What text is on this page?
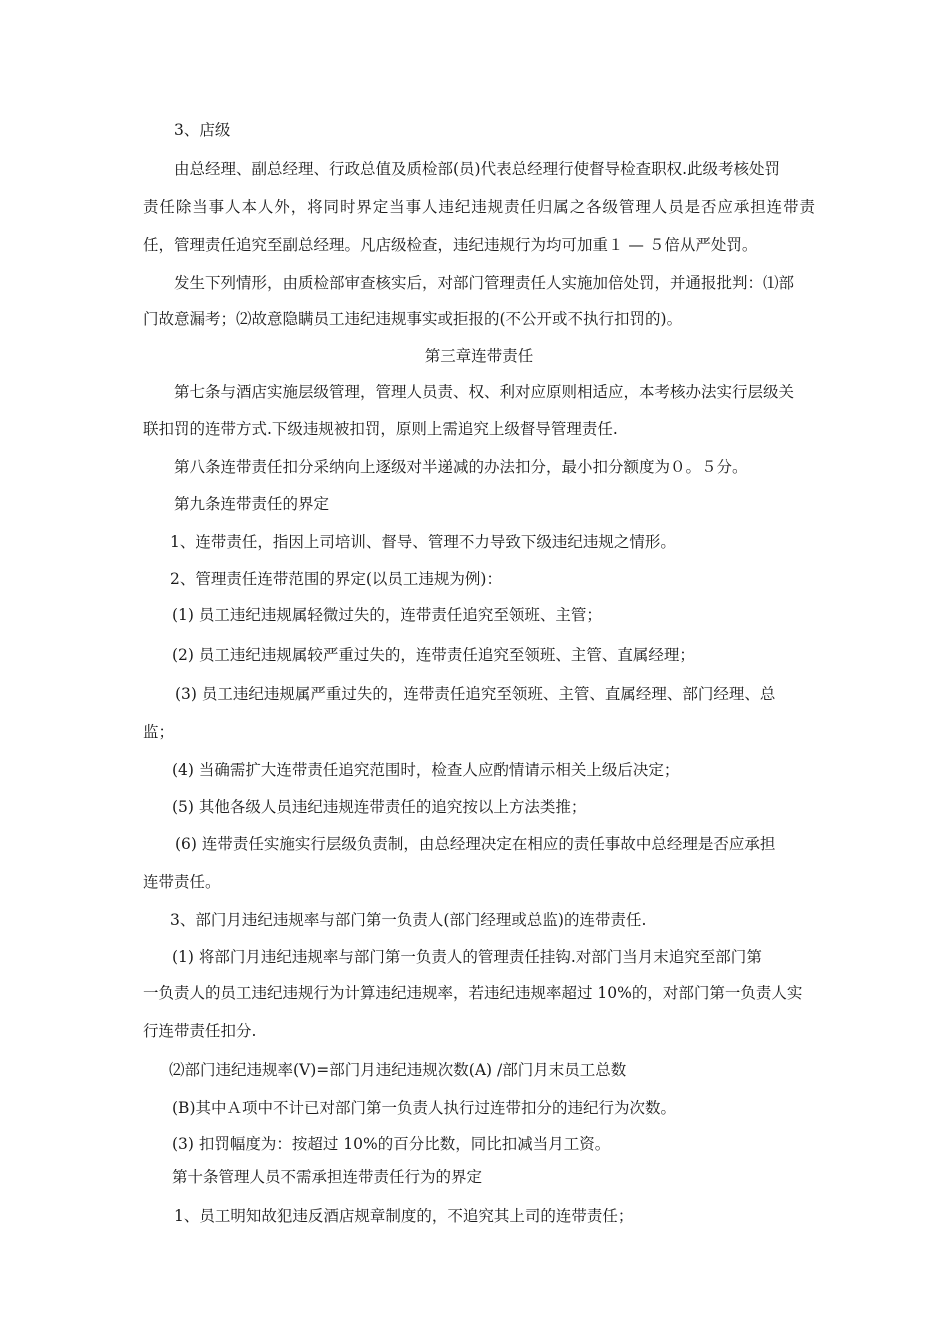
3、店级
由总经理、副总经理、行政总值及质检部(员)代表总经理行使督导检查职权.此级考核处罚
责任除当事人本人外，将同时界定当事人违纪违规责任归属之各级管理人员是否应承担连带责
任，管理责任追究至副总经理。凡店级检查，违纪违规行为均可加重１ — ５倍从严处罚。
发生下列情形，由质检部审查核实后，对部门管理责任人实施加倍处罚，并通报批判：⑴部
门故意漏考；⑵故意隐瞒员工违纪违规事实或拒报的(不公开或不执行扣罚的)。
第三章连带责任
第七条与酒店实施层级管理，管理人员责、权、利对应原则相适应，本考核办法实行层级关
联扣罚的连带方式.下级违规被扣罚，原则上需追究上级督导管理责任.
第八条连带责任扣分采纳向上逐级对半递减的办法扣分，最小扣分额度为０。５分。
第九条连带责任的界定
1、连带责任，指因上司培训、督导、管理不力导致下级违纪违规之情形。
2、管理责任连带范围的界定(以员工违规为例)：
(1) 员工违纪违规属轻微过失的，连带责任追究至领班、主管；
(2) 员工违纪违规属较严重过失的，连带责任追究至领班、主管、直属经理；
(3) 员工违纪违规属严重过失的，连带责任追究至领班、主管、直属经理、部门经理、总
监；
(4) 当确需扩大连带责任追究范围时，检查人应酌情请示相关上级后决定；
(5) 其他各级人员违纪违规连带责任的追究按以上方法类推；
(6) 连带责任实施实行层级负责制，由总经理决定在相应的责任事故中总经理是否应承担
连带责任。
3、部门月违纪违规率与部门第一负责人(部门经理或总监)的连带责任.
(1) 将部门月违纪违规率与部门第一负责人的管理责任挂钩.对部门当月末追究至部门第
一负责人的员工违纪违规行为计算违纪违规率，若违纪违规率超过 10%的，对部门第一负责人实
行连带责任扣分.
⑵部门违纪违规率(V)=部门月违纪违规次数(A) /部门月末员工总数
(B)其中Ａ项中不计已对部门第一负责人执行过连带扣分的违纪行为次数。
(3) 扣罚幅度为：按超过 10%的百分比数，同比扣减当月工资。
第十条管理人员不需承担连带责任行为的界定
1、员工明知故犯违反酒店规章制度的，不追究其上司的连带责任；
